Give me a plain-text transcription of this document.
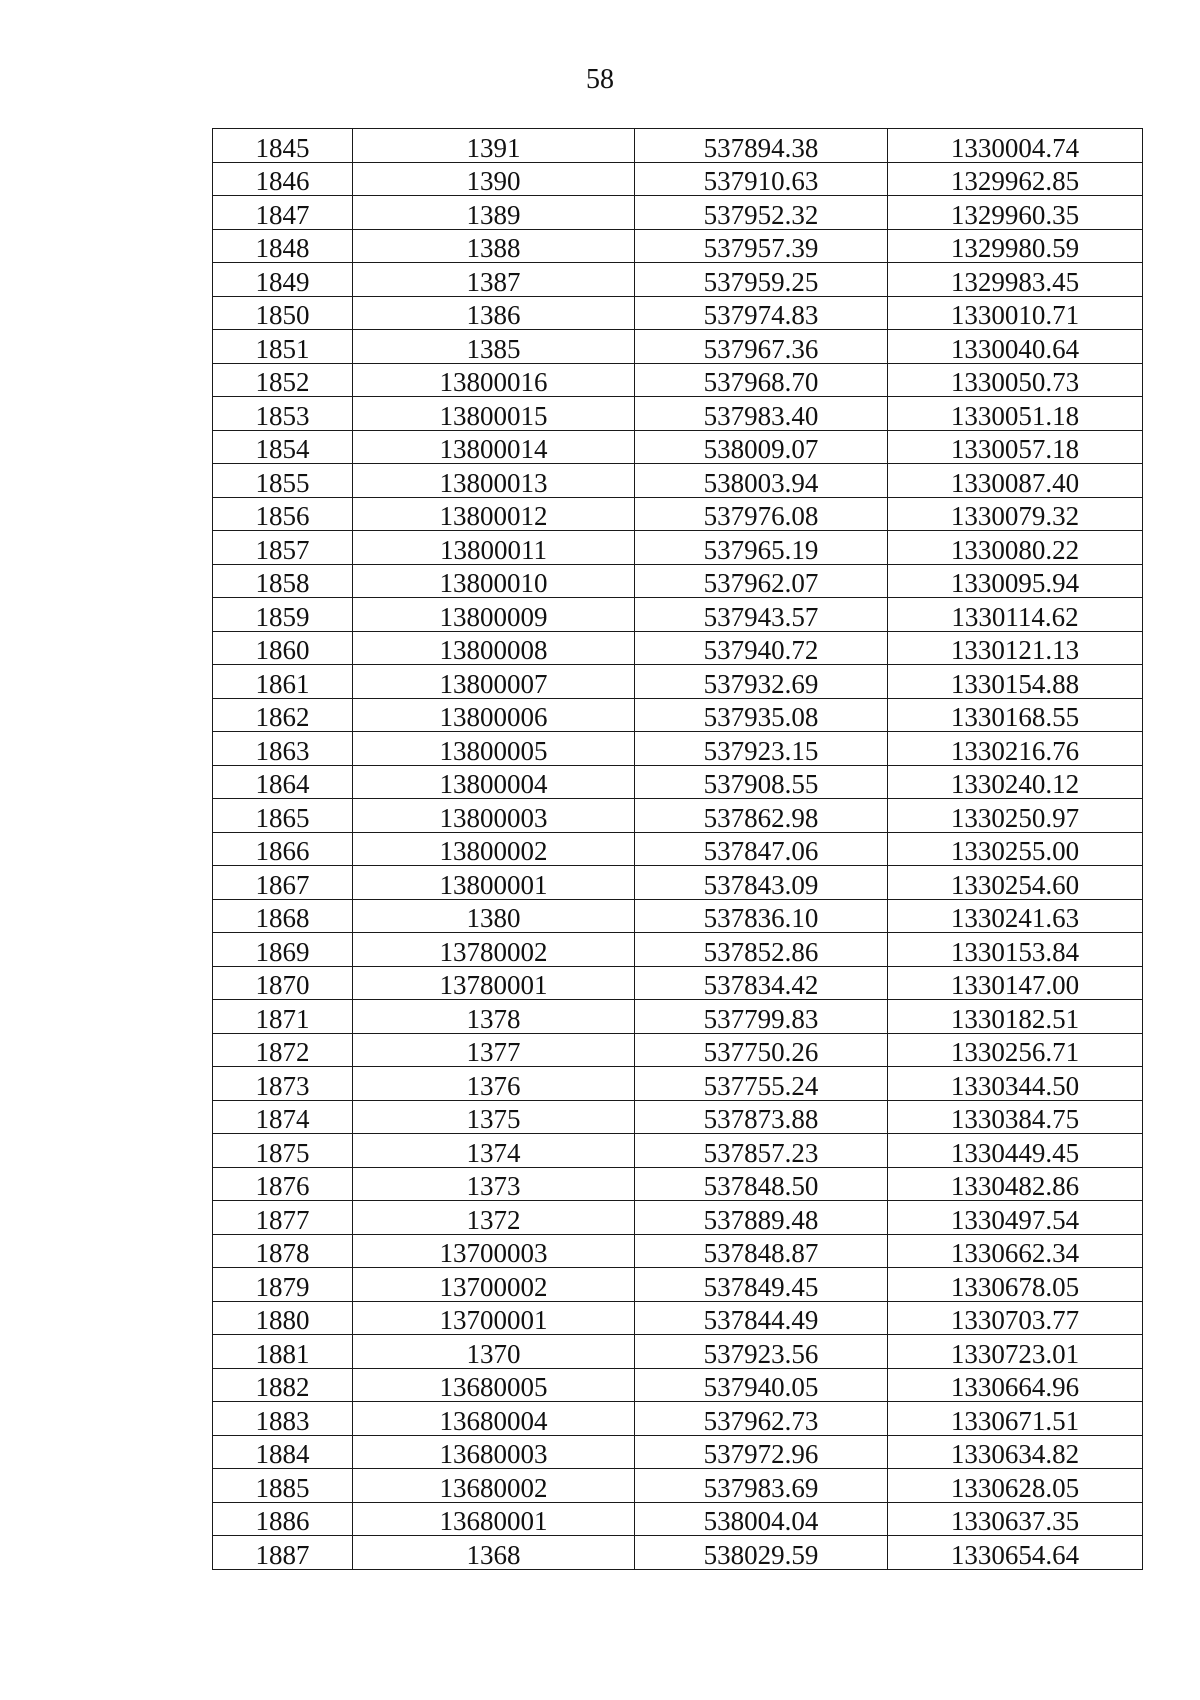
58
1845	1391	537894.38	1330004.74
1846	1390	537910.63	1329962.85
1847	1389	537952.32	1329960.35
1848	1388	537957.39	1329980.59
1849	1387	537959.25	1329983.45
1850	1386	537974.83	1330010.71
1851	1385	537967.36	1330040.64
1852	13800016	537968.70	1330050.73
1853	13800015	537983.40	1330051.18
1854	13800014	538009.07	1330057.18
1855	13800013	538003.94	1330087.40
1856	13800012	537976.08	1330079.32
1857	13800011	537965.19	1330080.22
1858	13800010	537962.07	1330095.94
1859	13800009	537943.57	1330114.62
1860	13800008	537940.72	1330121.13
1861	13800007	537932.69	1330154.88
1862	13800006	537935.08	1330168.55
1863	13800005	537923.15	1330216.76
1864	13800004	537908.55	1330240.12
1865	13800003	537862.98	1330250.97
1866	13800002	537847.06	1330255.00
1867	13800001	537843.09	1330254.60
1868	1380	537836.10	1330241.63
1869	13780002	537852.86	1330153.84
1870	13780001	537834.42	1330147.00
1871	1378	537799.83	1330182.51
1872	1377	537750.26	1330256.71
1873	1376	537755.24	1330344.50
1874	1375	537873.88	1330384.75
1875	1374	537857.23	1330449.45
1876	1373	537848.50	1330482.86
1877	1372	537889.48	1330497.54
1878	13700003	537848.87	1330662.34
1879	13700002	537849.45	1330678.05
1880	13700001	537844.49	1330703.77
1881	1370	537923.56	1330723.01
1882	13680005	537940.05	1330664.96
1883	13680004	537962.73	1330671.51
1884	13680003	537972.96	1330634.82
1885	13680002	537983.69	1330628.05
1886	13680001	538004.04	1330637.35
1887	1368	538029.59	1330654.64
